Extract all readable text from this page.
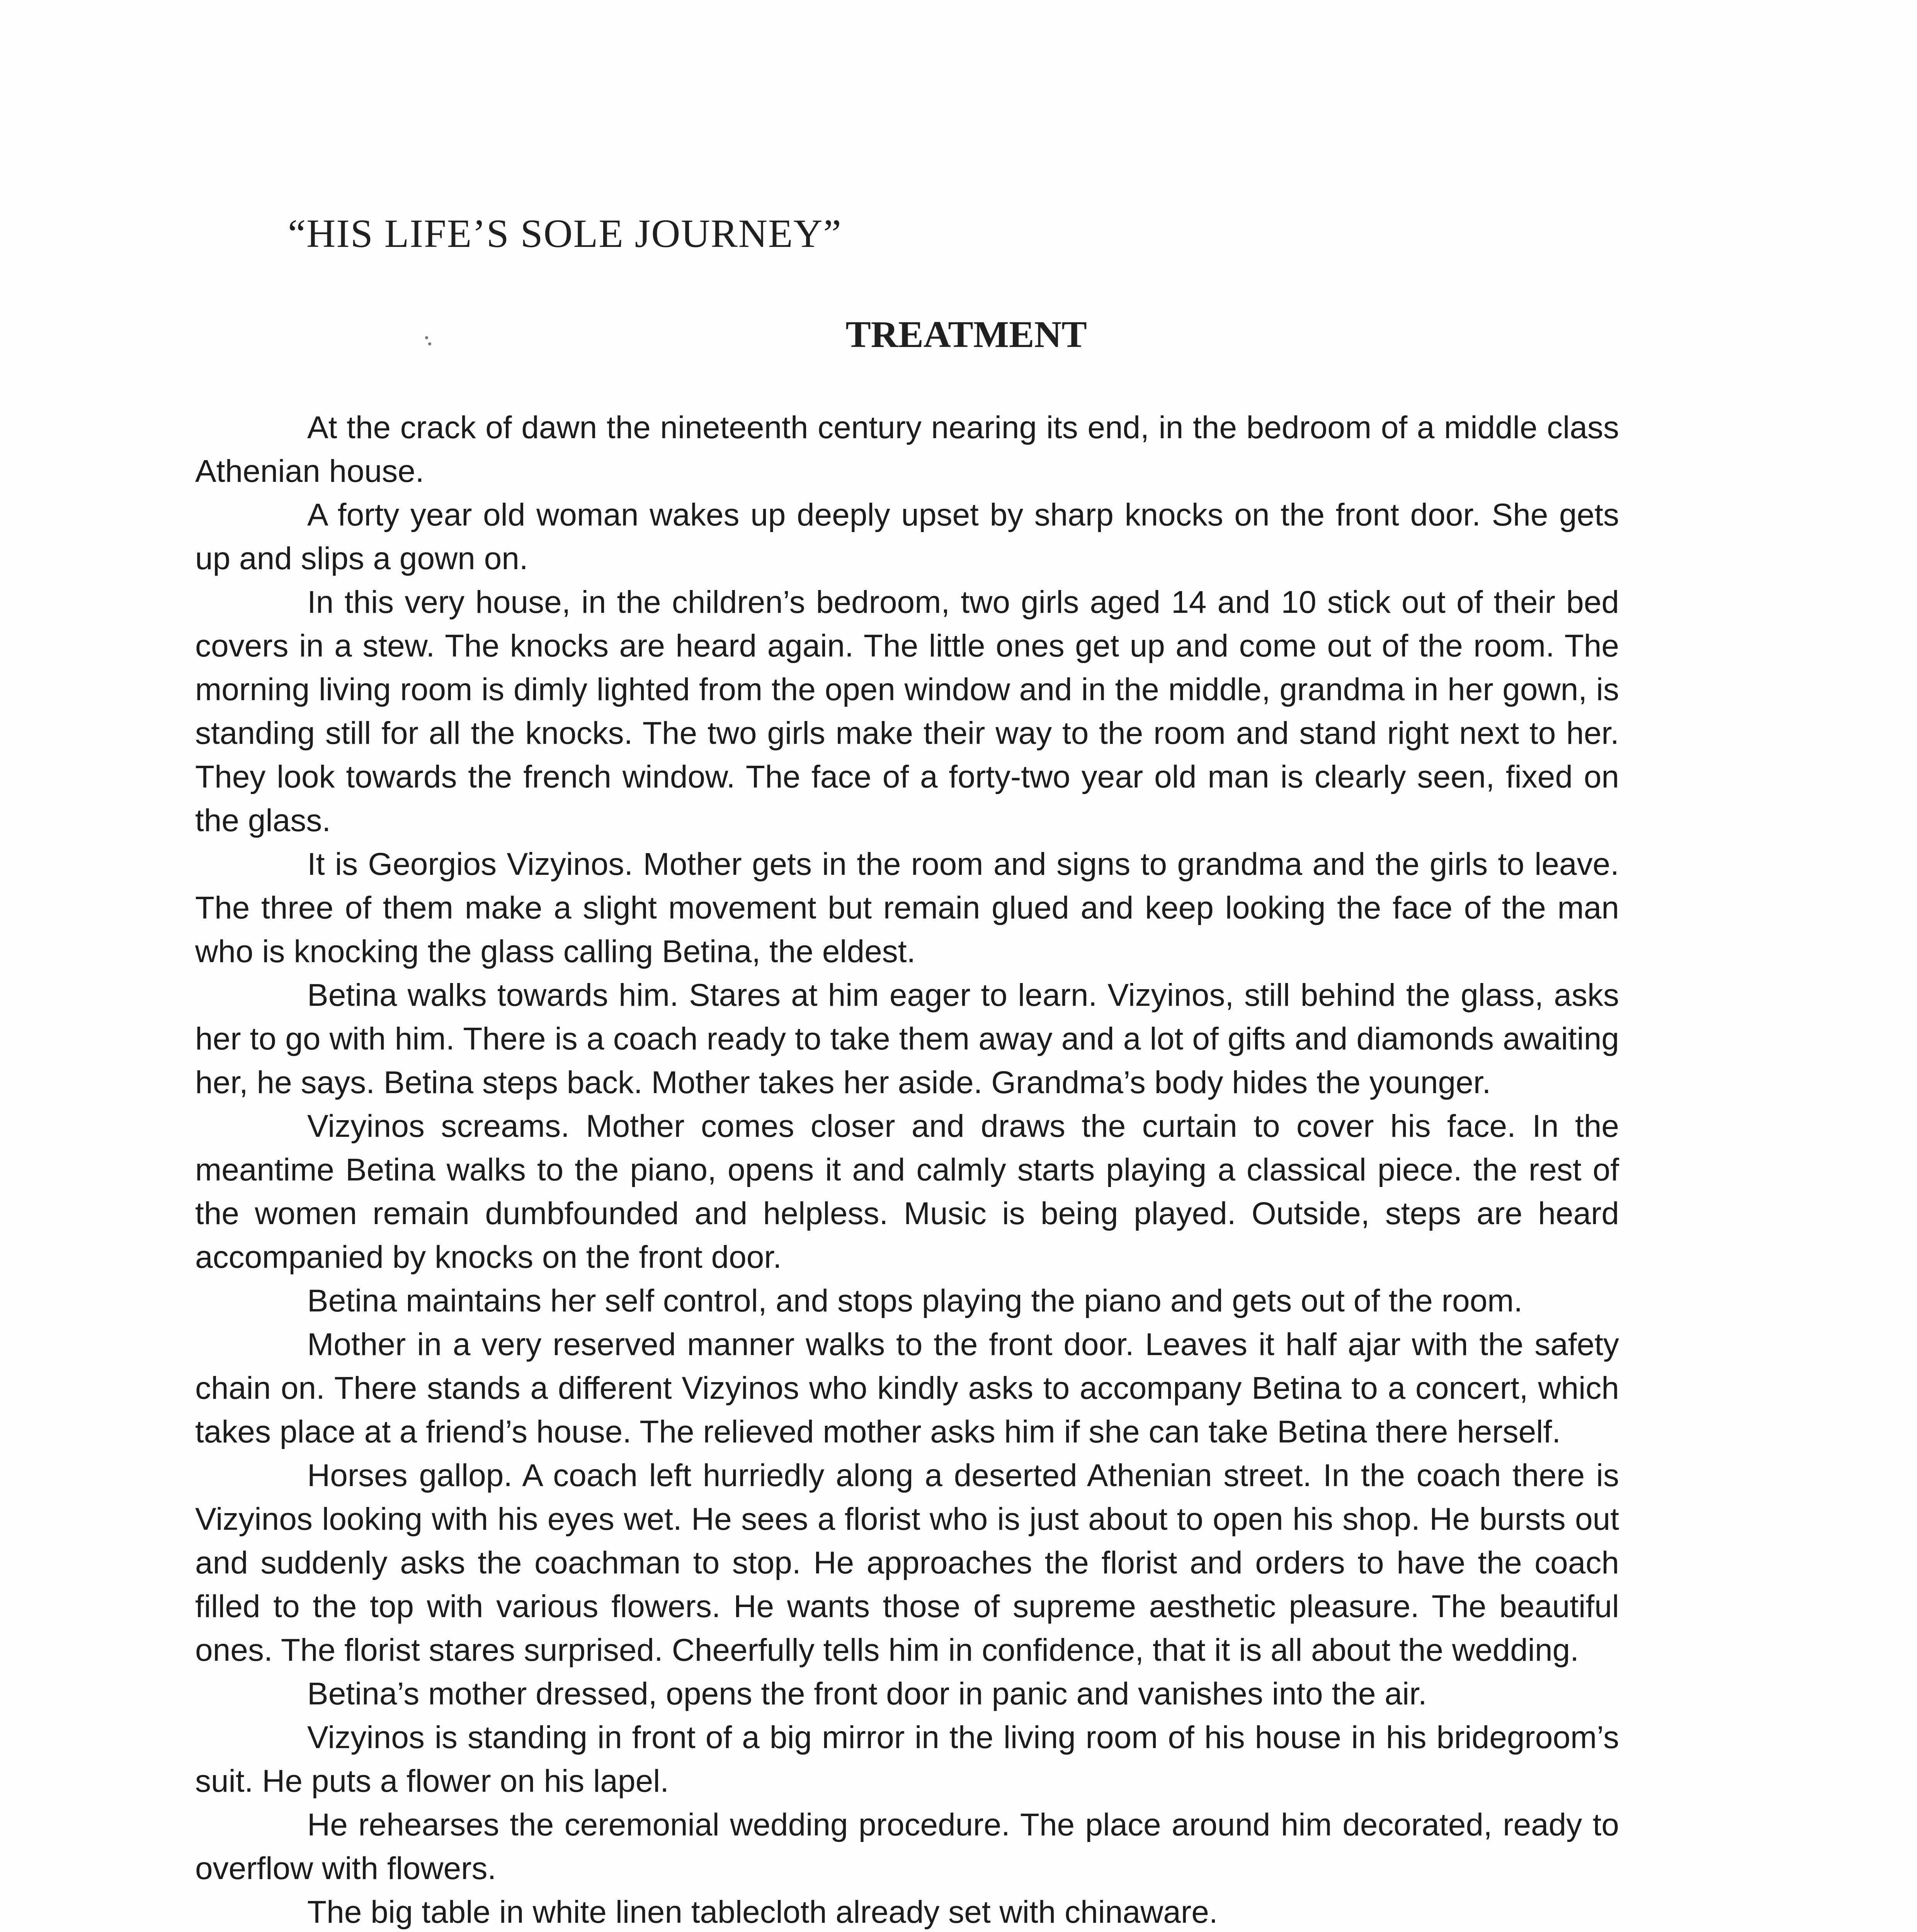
“HIS LIFE’S SOLE JOURNEY”
TREATMENT

At the crack of dawn the nineteenth century nearing its end, in the bedroom of a middle class Athenian house.

A forty year old woman wakes up deeply upset by sharp knocks on the front door. She gets up and slips a gown on.

In this very house, in the children’s bedroom, two girls aged 14 and 10 stick out of their bed covers in a stew. The knocks are heard again. The little ones get up and come out of the room. The morning living room is dimly lighted from the open window and in the middle, grandma in her gown, is standing still for all the knocks. The two girls make their way to the room and stand right next to her. They look towards the french window. The face of a forty-two year old man is clearly seen, fixed on the glass.

It is Georgios Vizyinos. Mother gets in the room and signs to grandma and the girls to leave. The three of them make a slight movement but remain glued and keep looking the face of the man who is knocking the glass calling Betina, the eldest.

Betina walks towards him. Stares at him eager to learn. Vizyinos, still behind the glass, asks her to go with him. There is a coach ready to take them away and a lot of gifts and diamonds awaiting her, he says. Betina steps back. Mother takes her aside. Grandma’s body hides the younger.

Vizyinos screams. Mother comes closer and draws the curtain to cover his face. In the meantime Betina walks to the piano, opens it and calmly starts playing a classical piece. the rest of the women remain dumbfounded and helpless. Music is being played. Outside, steps are heard accompanied by knocks on the front door.

Betina maintains her self control, and stops playing the piano and gets out of the room.

Mother in a very reserved manner walks to the front door. Leaves it half ajar with the safety chain on. There stands a different Vizyinos who kindly asks to accompany Betina to a concert, which takes place at a friend’s house. The relieved mother asks him if she can take Betina there herself.

Horses gallop. A coach left hurriedly along a deserted Athenian street. In the coach there is Vizyinos looking with his eyes wet. He sees a florist who is just about to open his shop. He bursts out and suddenly asks the coachman to stop. He approaches the florist and orders to have the coach filled to the top with various flowers. He wants those of supreme aesthetic pleasure. The beautiful ones. The florist stares surprised. Cheerfully tells him in confidence, that it is all about the wedding.

Betina’s mother dressed, opens the front door in panic and vanishes into the air.

Vizyinos is standing in front of a big mirror in the living room of his house in his bridegroom’s suit. He puts a flower on his lapel.

He rehearses the ceremonial wedding procedure. The place around him decorated, ready to overflow with flowers.

The big table in white linen tablecloth already set with chinaware.
